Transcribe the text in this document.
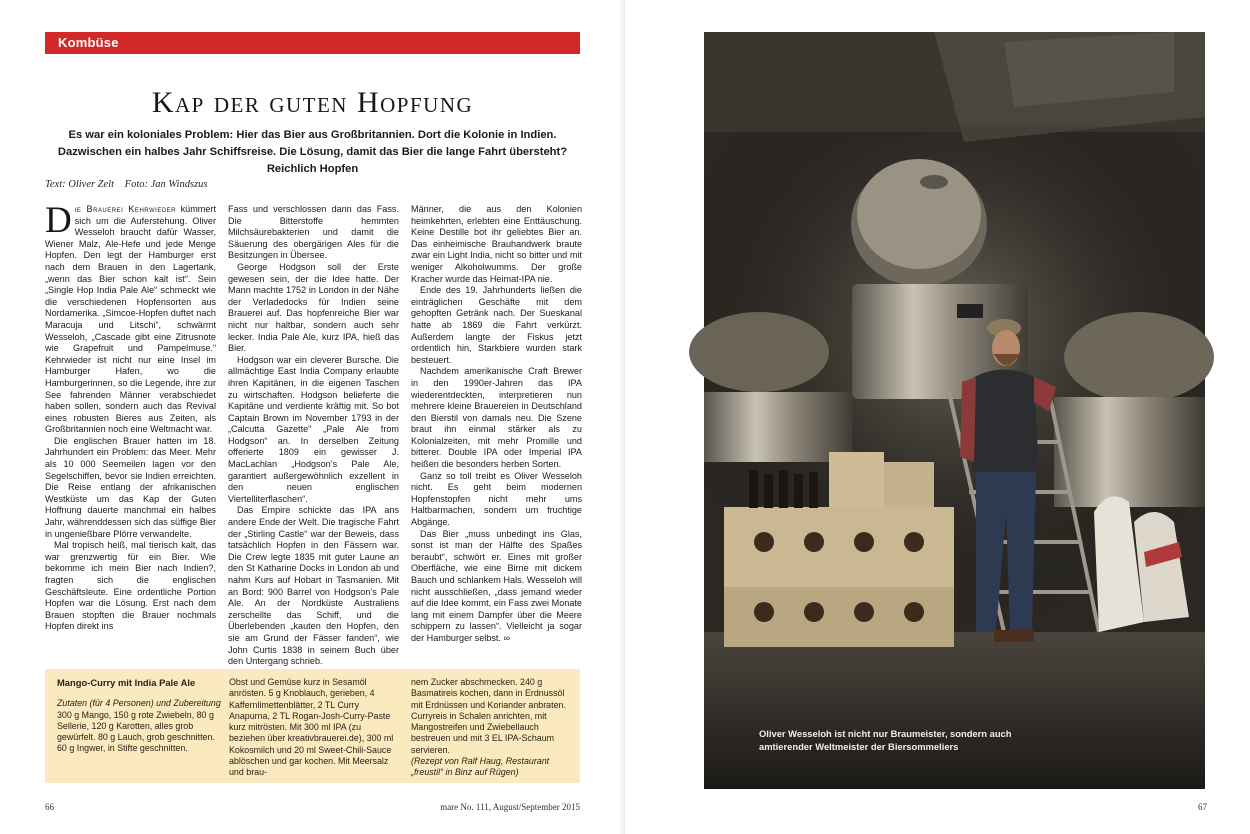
Kombüse
Kap der guten Hopfung
Es war ein koloniales Problem: Hier das Bier aus Großbritannien. Dort die Kolonie in Indien. Dazwischen ein halbes Jahr Schiffsreise. Die Lösung, damit das Bier die lange Fahrt übersteht? Reichlich Hopfen
Text: Oliver Zelt Foto: Jan Windszus

Die Brauerei Kehrwieder kümmert sich um die Auferstehung. Oliver Wesseloh braucht dafür Wasser, Wiener Malz, Ale-Hefe und jede Menge Hopfen. Den legt der Hamburger erst nach dem Brauen in den Lagertank, „wenn das Bier schon kalt ist“. Sein „Single Hop India Pale Ale“ schmeckt wie die verschiedenen Hopfensorten aus Nordamerika. „Simcoe-Hopfen duftet nach Maracuja und Litschi“, schwärmt Wesseloh, „Cascade gibt eine Zitrusnote wie Grapefruit und Pampelmuse.“ Kehrwieder ist nicht nur eine Insel im Hamburger Hafen, wo die Hamburgerinnen, so die Legende, ihre zur See fahrenden Männer verabschiedet haben sollen, sondern auch das Revival eines robusten Bieres aus Zeiten, als Großbritannien noch eine Weltmacht war.

Die englischen Brauer hatten im 18. Jahrhundert ein Problem: das Meer. Mehr als 10 000 Seemeilen lagen vor den Segelschiffen, bevor sie Indien erreichten. Die Reise entlang der afrikanischen Westküste um das Kap der Guten Hoffnung dauerte manchmal ein halbes Jahr, währenddessen sich das süffige Bier in ungenießbare Plörre verwandelte.

Mal tropisch heiß, mal tierisch kalt, das war grenzwertig für ein Bier. Wie bekomme ich mein Bier nach Indien?, fragten sich die englischen Geschäftsleute. Eine ordentliche Portion Hopfen war die Lösung. Erst nach dem Brauen stopften die Brauer nochmals Hopfen direkt ins

Fass und verschlossen dann das Fass. Die Bitterstoffe hemmten Milchsäurebakterien und damit die Säuerung des obergärigen Ales für die Besitzungen in Übersee.

George Hodgson soll der Erste gewesen sein, der die Idee hatte. Der Mann machte 1752 in London in der Nähe der Verladedocks für Indien seine Brauerei auf. Das hopfenreiche Bier war nicht nur haltbar, sondern auch sehr lecker. India Pale Ale, kurz IPA, hieß das Bier.

Hodgson war ein cleverer Bursche. Die allmächtige East India Company erlaubte ihren Kapitänen, in die eigenen Taschen zu wirtschaften. Hodgson belieferte die Kapitäne und verdiente kräftig mit. So bot Captain Brown im November 1793 in der „Calcutta Gazette“ „Pale Ale from Hodgson“ an. In derselben Zeitung offerierte 1809 ein gewisser J. MacLachlan „Hodgson’s Pale Ale, garantiert außergewöhnlich exzellent in den neuen englischen Viertelliterflaschen“.

Das Empire schickte das IPA ans andere Ende der Welt. Die tragische Fahrt der „Stirling Castle“ war der Beweis, dass tatsächlich Hopfen in den Fässern war. Die Crew legte 1835 mit guter Laune an den St Katharine Docks in London ab und nahm Kurs auf Hobart in Tasmanien. Mit an Bord: 900 Barrel von Hodgson’s Pale Ale. An der Nordküste Australiens zerschellte das Schiff, und die Überlebenden „kauten den Hopfen, den sie am Grund der Fässer fanden“, wie John Curtis 1838 in seinem Buch über den Untergang schrieb.

Männer, die aus den Kolonien heimkehrten, erlebten eine Enttäuschung. Keine Destille bot ihr geliebtes Bier an. Das einheimische Brauhandwerk braute zwar ein Light India, nicht so bitter und mit weniger Alkoholwumms. Der große Kracher wurde das Heimat-IPA nie.

Ende des 19. Jahrhunderts ließen die einträglichen Geschäfte mit dem gehopften Getränk nach. Der Sueskanal hatte ab 1869 die Fahrt verkürzt. Außerdem langte der Fiskus jetzt ordentlich hin, Starkbiere wurden stark besteuert.

Nachdem amerikanische Craft Brewer in den 1990er-Jahren das IPA wiederentdeckten, interpretieren nun mehrere kleine Brauereien in Deutschland den Bierstil von damals neu. Die Szene braut ihn einmal stärker als zu Kolonialzeiten, mit mehr Promille und bitterer. Double IPA oder Imperial IPA heißen die besonders herben Sorten.

Ganz so toll treibt es Oliver Wesseloh nicht. Es geht beim modernen Hopfenstopfen nicht mehr ums Haltbarmachen, sondern um fruchtige Abgänge.

Das Bier „muss unbedingt ins Glas, sonst ist man der Hälfte des Spaßes beraubt“, schwört er. Eines mit großer Oberfläche, wie eine Birne mit dickem Bauch und schlankem Hals. Wesseloh will nicht ausschließen, „dass jemand wieder auf die Idee kommt, ein Fass zwei Monate lang mit einem Dampfer über die Meere schippern zu lassen“. Vielleicht ja sogar der Hamburger selbst. ∞

Mango-Curry mit India Pale Ale

Zutaten (für 4 Personen) und Zubereitung

300 g Mango, 150 g rote Zwiebeln, 80 g Sellerie, 120 g Karotten, alles grob gewürfelt. 80 g Lauch, grob geschnitten. 60 g Ingwer, in Stifte geschnitten.

Obst und Gemüse kurz in Sesamöl anrösten. 5 g Knoblauch, gerieben, 4 Kaffernlimettenblätter, 2 TL Curry Anapurna, 2 TL Rogan-Josh-Curry-Paste kurz mitrösten. Mit 300 ml IPA (zu beziehen über kreativbrauerei.de), 300 ml Kokosmilch und 20 ml Sweet-Chili-Sauce ablöschen und gar kochen. Mit Meersalz und brau-

nem Zucker abschmecken. 240 g Basmatireis kochen, dann in Erdnussöl mit Erdnüssen und Koriander anbraten. Curryreis in Schalen anrichten, mit Mangostreifen und Zwiebellauch bestreuen und mit 3 EL IPA-Schaum servieren.

(Rezept von Ralf Haug, Restaurant „freustil“ in Binz auf Rügen)

66	mare No. 111, August/September 2015
Oliver Wesseloh ist nicht nur Braumeister, sondern auch amtierender Weltmeister der Biersommeliers
67
